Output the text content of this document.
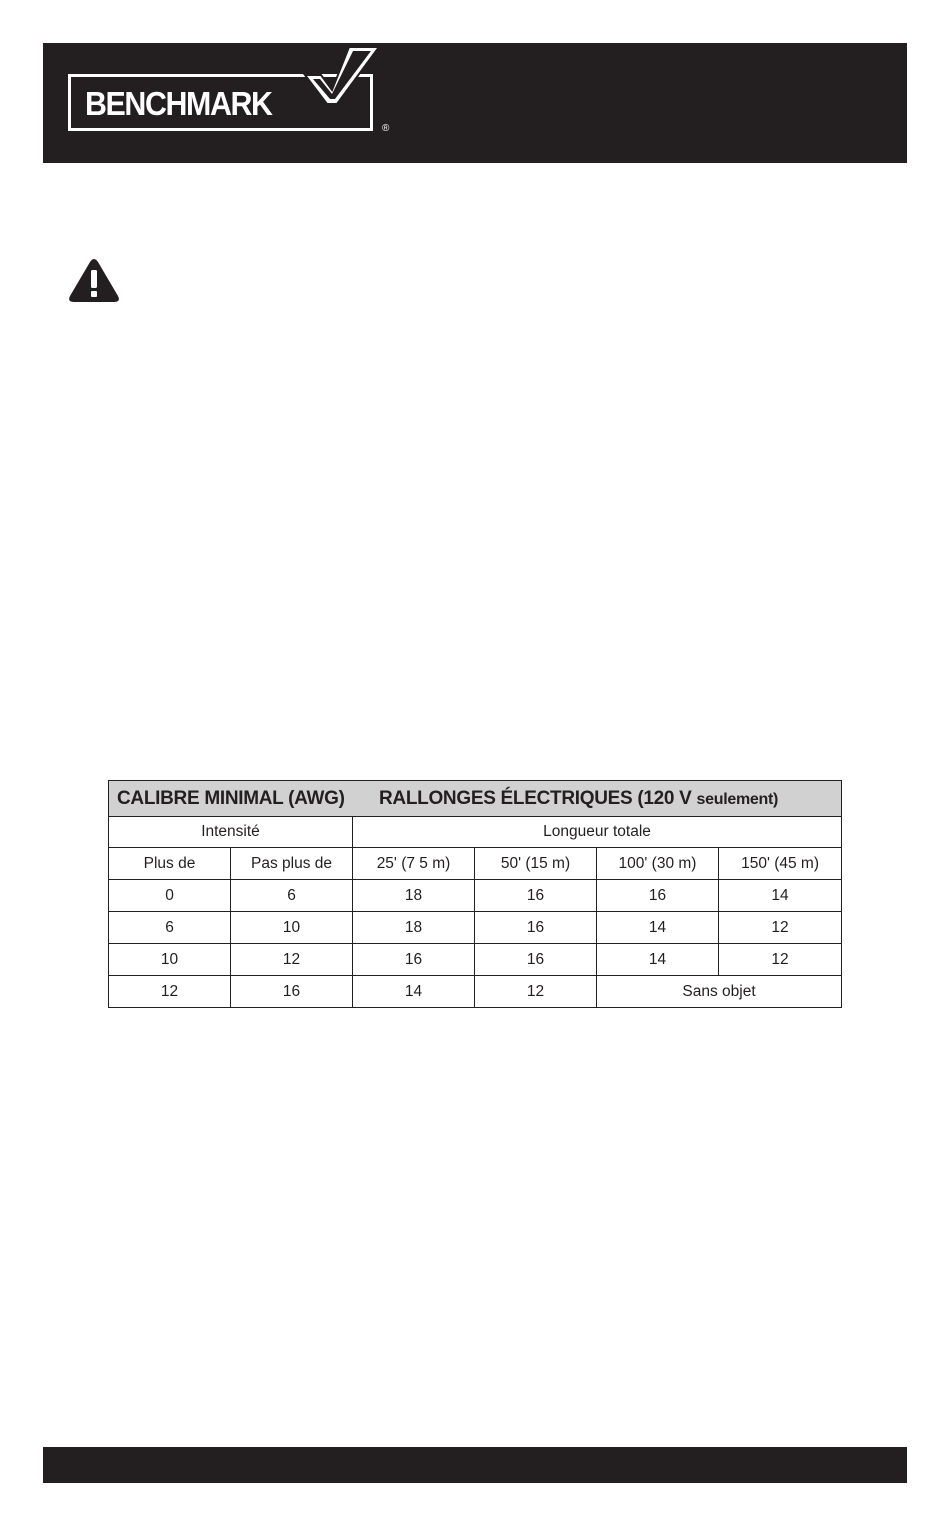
BENCHMARK
®
CALIBRE MINIMAL (AWG) RALLONGES ÉLECTRIQUES (120 V seulement)					
Intensité		Longueur totale			
Plus de	Pas plus de	25' (7 5 m)	50' (15 m)	100' (30 m)	150' (45 m)
0	6	18	16	16	14
6	10	18	16	14	12
10	12	16	16	14	12
12	16	14	12	Sans objet	
